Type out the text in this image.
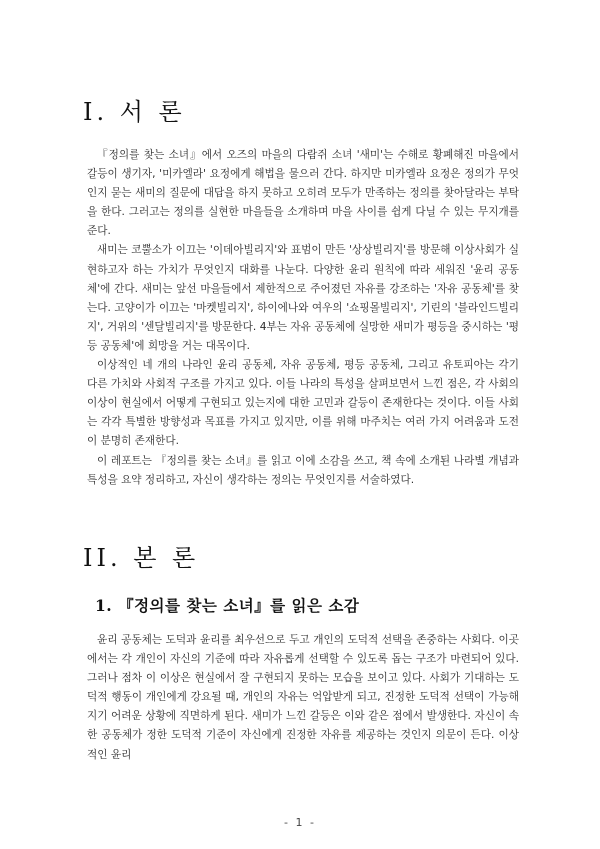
I. 서 론

『정의를 찾는 소녀』에서 오즈의 마을의 다람쥐 소녀 '새미'는 수해로 황폐해진 마을에서 갈등이 생기자, '미카엘라' 요정에게 해법을 물으러 간다. 하지만 미카엘라 요정은 정의가 무엇인지 묻는 새미의 질문에 대답을 하지 못하고 오히려 모두가 만족하는 정의를 찾아달라는 부탁을 한다. 그러고는 정의를 실현한 마을들을 소개하며 마을 사이를 쉽게 다닐 수 있는 무지개를 준다.

새미는 코뿔소가 이끄는 '이데아빌리지'와 표범이 만든 '상상빌리지'를 방문해 이상사회가 실현하고자 하는 가치가 무엇인지 대화를 나눈다. 다양한 윤리 원칙에 따라 세워진 '윤리 공동체'에 간다. 새미는 앞선 마을들에서 제한적으로 주어졌던 자유를 강조하는 '자유 공동체'를 찾는다. 고양이가 이끄는 '마켓빌리지', 하이에나와 여우의 '쇼핑몰빌리지', 기린의 '블라인드빌리지', 거위의 '센달빌리지'를 방문한다. 4부는 자유 공동체에 실망한 새미가 평등을 중시하는 '평등 공동체'에 희망을 거는 대목이다.

이상적인 네 개의 나라인 윤리 공동체, 자유 공동체, 평등 공동체, 그리고 유토피아는 각기 다른 가치와 사회적 구조를 가지고 있다. 이들 나라의 특성을 살펴보면서 느낀 점은, 각 사회의 이상이 현실에서 어떻게 구현되고 있는지에 대한 고민과 갈등이 존재한다는 것이다. 이들 사회는 각각 특별한 방향성과 목표를 가지고 있지만, 이를 위해 마주치는 여러 가지 어려움과 도전이 분명히 존재한다.

이 레포트는 『정의를 찾는 소녀』를 읽고 이에 소감을 쓰고, 책 속에 소개된 나라별 개념과 특성을 요약 정리하고, 자신이 생각하는 정의는 무엇인지를 서술하였다.

II. 본 론
1. 『정의를 찾는 소녀』를 읽은 소감

윤리 공동체는 도덕과 윤리를 최우선으로 두고 개인의 도덕적 선택을 존중하는 사회다. 이곳에서는 각 개인이 자신의 기준에 따라 자유롭게 선택할 수 있도록 돕는 구조가 마련되어 있다. 그러나 점차 이 이상은 현실에서 잘 구현되지 못하는 모습을 보이고 있다. 사회가 기대하는 도덕적 행동이 개인에게 강요될 때, 개인의 자유는 억압받게 되고, 진정한 도덕적 선택이 가능해지기 어려운 상황에 직면하게 된다. 새미가 느낀 갈등은 이와 같은 점에서 발생한다. 자신이 속한 공동체가 정한 도덕적 기준이 자신에게 진정한 자유를 제공하는 것인지 의문이 든다. 이상적인 윤리

- 1 -
